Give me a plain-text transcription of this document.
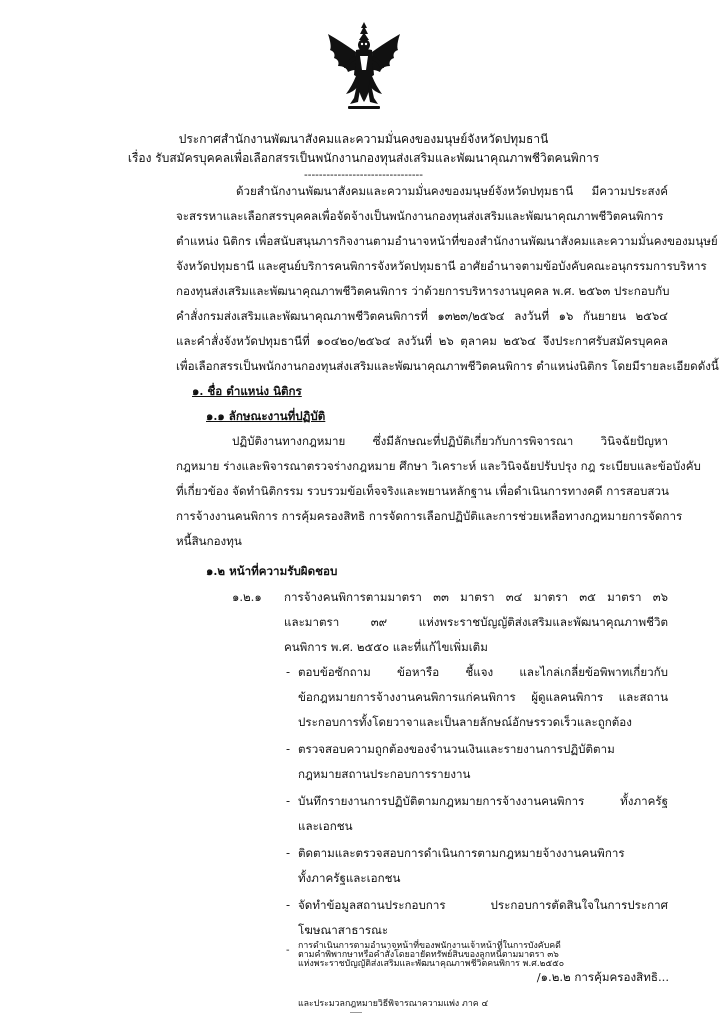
ประกาศสำนักงานพัฒนาสังคมและความมั่นคงของมนุษย์จังหวัดปทุมธานี
เรื่อง รับสมัครบุคคลเพื่อเลือกสรรเป็นพนักงานกองทุนส่งเสริมและพัฒนาคุณภาพชีวิตคนพิการ
--------------------------------
ด้วยสำนักงานพัฒนาสังคมและความมั่นคงของมนุษย์จังหวัดปทุมธานี มีความประสงค์
จะสรรหาและเลือกสรรบุคคลเพื่อจัดจ้างเป็นพนักงานกองทุนส่งเสริมและพัฒนาคุณภาพชีวิตคนพิการ
ตำแหน่ง นิติกร เพื่อสนับสนุนภารกิจงานตามอำนาจหน้าที่ของสำนักงานพัฒนาสังคมและความมั่นคงของมนุษย์
จังหวัดปทุมธานี และศูนย์บริการคนพิการจังหวัดปทุมธานี อาศัยอำนาจตามข้อบังคับคณะอนุกรรมการบริหาร
กองทุนส่งเสริมและพัฒนาคุณภาพชีวิตคนพิการ ว่าด้วยการบริหารงานบุคคล พ.ศ. ๒๕๖๓ ประกอบกับ
คำสั่งกรมส่งเสริมและพัฒนาคุณภาพชีวิตคนพิการที่ ๑๓๒๓/๒๕๖๔ ลงวันที่ ๑๖ กันยายน ๒๕๖๔
และคำสั่งจังหวัดปทุมธานีที่ ๑๐๔๒๐/๒๕๖๔ ลงวันที่ ๒๖ ตุลาคม ๒๕๖๔ จึงประกาศรับสมัครบุคคล
เพื่อเลือกสรรเป็นพนักงานกองทุนส่งเสริมและพัฒนาคุณภาพชีวิตคนพิการ ตำแหน่งนิติกร โดยมีรายละเอียดดังนี้
๑. ชื่อ ตำแหน่ง นิติกร
๑.๑ ลักษณะงานที่ปฏิบัติ
ปฏิบัติงานทางกฎหมาย ซึ่งมีลักษณะที่ปฏิบัติเกี่ยวกับการพิจารณา วินิจฉัยปัญหา
กฎหมาย ร่างและพิจารณาตรวจร่างกฎหมาย ศึกษา วิเคราะห์ และวินิจฉัยปรับปรุง กฎ ระเบียบและข้อบังคับ
ที่เกี่ยวข้อง จัดทำนิติกรรม รวบรวมข้อเท็จจริงและพยานหลักฐาน เพื่อดำเนินการทางคดี การสอบสวน
การจ้างงานคนพิการ การคุ้มครองสิทธิ การจัดการเลือกปฏิบัติและการช่วยเหลือทางกฎหมายการจัดการ
หนี้สินกองทุน
๑.๒ หน้าที่ความรับผิดชอบ
๑.๒.๑ การจ้างคนพิการตามมาตรา ๓๓ มาตรา ๓๔ มาตรา ๓๕ มาตรา ๓๖
และมาตรา ๓๙ แห่งพระราชบัญญัติส่งเสริมและพัฒนาคุณภาพชีวิต
คนพิการ พ.ศ. ๒๕๕๐ และที่แก้ไขเพิ่มเติม
- ตอบข้อซักถาม ข้อหารือ ชี้แจง และไกล่เกลี่ยข้อพิพาทเกี่ยวกับ
ข้อกฎหมายการจ้างงานคนพิการแก่คนพิการ ผู้ดูแลคนพิการ และสถาน
ประกอบการทั้งโดยวาจาและเป็นลายลักษณ์อักษรรวดเร็วและถูกต้อง
- ตรวจสอบความถูกต้องของจำนวนเงินและรายงานการปฏิบัติตาม
กฎหมายสถานประกอบการรายงาน
- บันทึกรายงานการปฏิบัติตามกฎหมายการจ้างงานคนพิการ ทั้งภาครัฐ
และเอกชน
- ติดตามและตรวจสอบการดำเนินการตามกฎหมายจ้างงานคนพิการ
ทั้งภาครัฐและเอกชน
- จัดทำข้อมูลสถานประกอบการ ประกอบการตัดสินใจในการประกาศ
โฆษณาสาธารณะ
/๑.๒.๒ การคุ้มครองสิทธิ...
- การดำเนินการตามอำนาจหน้าที่ของพนักงานเจ้าหน้าที่ในการบังคับคดี
ตามคำพิพากษาหรือคำสั่งโดยอายัดทรัพย์สินของลูกหนี้ตามมาตรา ๓๖
แห่งพระราชบัญญัติส่งเสริมและพัฒนาคุณภาพชีวิตคนพิการ พ.ศ.๒๕๕๐
และประมวลกฎหมายวิธีพิจารณาความแพ่ง ภาค ๔
